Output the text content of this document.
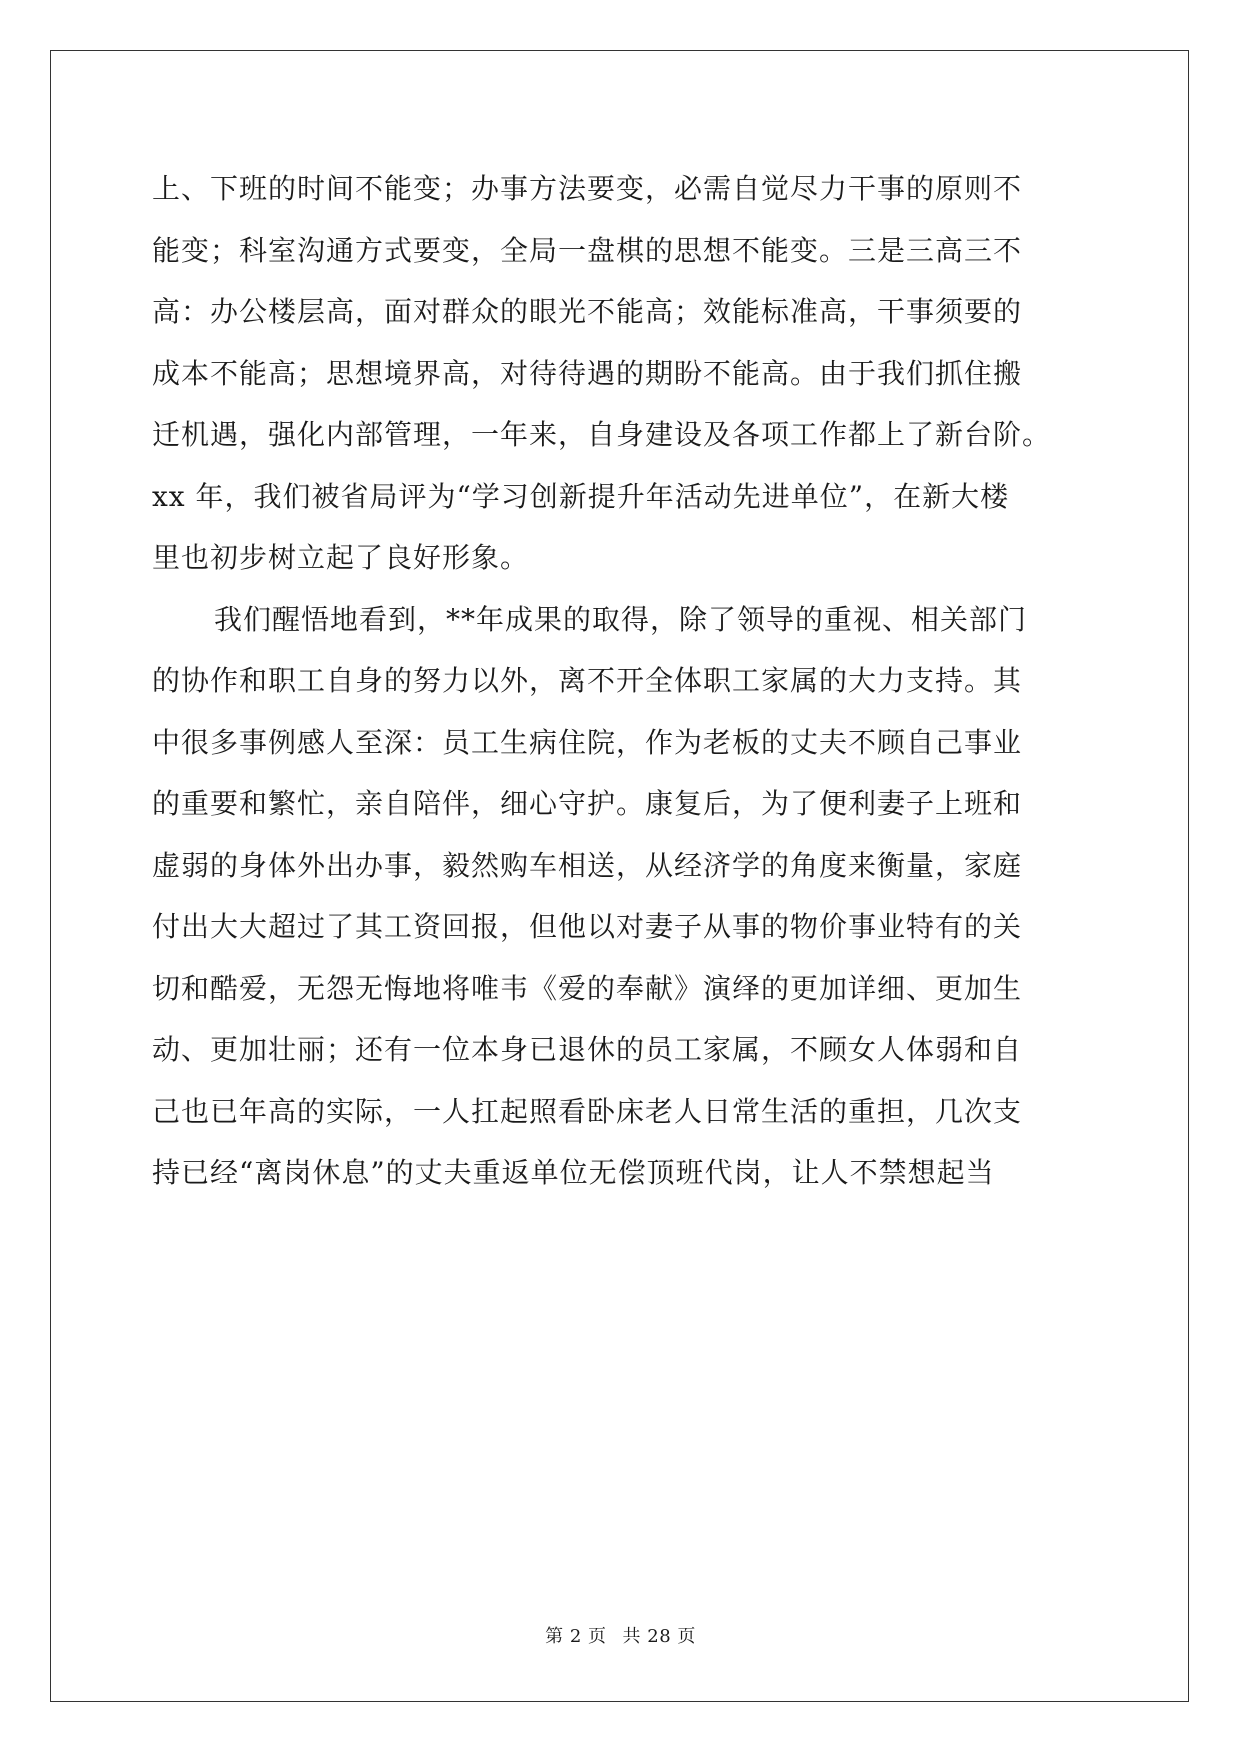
上、下班的时间不能变；办事方法要变，必需自觉尽力干事的原则不
能变；科室沟通方式要变，全局一盘棋的思想不能变。三是三高三不
高：办公楼层高，面对群众的眼光不能高；效能标准高，干事须要的
成本不能高；思想境界高，对待待遇的期盼不能高。由于我们抓住搬
迁机遇，强化内部管理，一年来，自身建设及各项工作都上了新台阶。
xx 年，我们被省局评为“学习创新提升年活动先进单位”，在新大楼
里也初步树立起了良好形象。
我们醒悟地看到，**年成果的取得，除了领导的重视、相关部门
的协作和职工自身的努力以外，离不开全体职工家属的大力支持。其
中很多事例感人至深：员工生病住院，作为老板的丈夫不顾自己事业
的重要和繁忙，亲自陪伴，细心守护。康复后，为了便利妻子上班和
虚弱的身体外出办事，毅然购车相送，从经济学的角度来衡量，家庭
付出大大超过了其工资回报，但他以对妻子从事的物价事业特有的关
切和酷爱，无怨无悔地将唯韦《爱的奉献》演绎的更加详细、更加生
动、更加壮丽；还有一位本身已退休的员工家属，不顾女人体弱和自
己也已年高的实际，一人扛起照看卧床老人日常生活的重担，几次支
持已经“离岗休息”的丈夫重返单位无偿顶班代岗，让人不禁想起当
第 2 页 共 28 页
